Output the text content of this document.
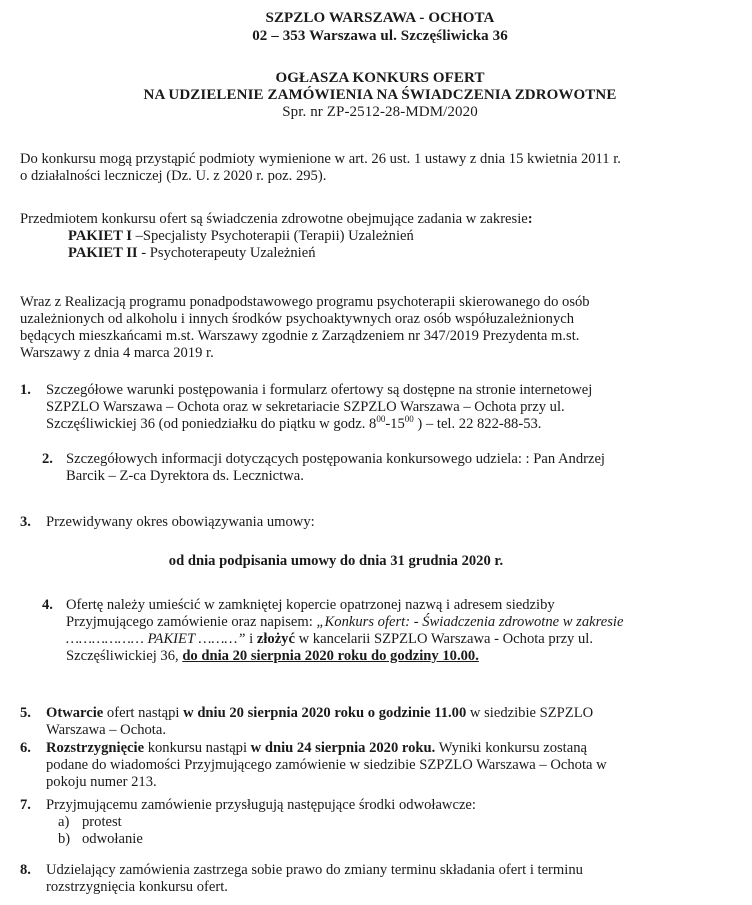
SZPZLO WARSZAWA - OCHOTA
02 – 353 Warszawa ul. Szczęśliwicka 36
OGŁASZA KONKURS OFERT
NA UDZIELENIE ZAMÓWIENIA NA ŚWIADCZENIA ZDROWOTNE
Spr. nr ZP-2512-28-MDM/2020
Do konkursu mogą przystąpić podmioty wymienione w art. 26 ust. 1 ustawy z dnia 15 kwietnia 2011 r.
o działalności leczniczej (Dz. U. z 2020 r. poz. 295).
Przedmiotem konkursu ofert są świadczenia zdrowotne obejmujące zadania w zakresie:
PAKIET I –Specjalisty Psychoterapii (Terapii) Uzależnień
PAKIET II - Psychoterapeuty Uzależnień
Wraz z Realizacją programu ponadpodstawowego programu psychoterapii skierowanego do osób
uzależnionych od alkoholu i innych środków psychoaktywnych oraz osób współuzależnionych
będących mieszkańcami m.st. Warszawy zgodnie z Zarządzeniem nr 347/2019 Prezydenta m.st.
Warszawy z dnia 4 marca 2019 r.
1. Szczegółowe warunki postępowania i formularz ofertowy są dostępne na stronie internetowej
SZPZLO Warszawa – Ochota oraz w sekretariacie SZPZLO Warszawa – Ochota przy ul.
Szczęśliwickiej 36 (od poniedziałku do piątku w godz. $8^{00}-15^{00}$ ) – tel. 22 822-88-53.
2. Szczegółowych informacji dotyczących postępowania konkursowego udziela: : Pan Andrzej
Barcik – Z-ca Dyrektora ds. Lecznictwa.
3. Przewidywany okres obowiązywania umowy:
od dnia podpisania umowy do dnia 31 grudnia 2020 r.
4. Ofertę należy umieścić w zamkniętej kopercie opatrzonej nazwą i adresem siedziby
Przyjmującego zamówienie oraz napisem: „Konkurs ofert: - Świadczenia zdrowotne w zakresie
……………… PAKIET ………” i złożyć w kancelarii SZPZLO Warszawa - Ochota przy ul.
Szczęśliwickiej 36, do dnia 20 sierpnia 2020 roku do godziny 10.00.
5. Otwarcie ofert nastąpi w dniu 20 sierpnia 2020 roku o godzinie 11.00 w siedzibie SZPZLO
Warszawa – Ochota.
6. Rozstrzygnięcie konkursu nastąpi w dniu 24 sierpnia 2020 roku. Wyniki konkursu zostaną
podane do wiadomości Przyjmującego zamówienie w siedzibie SZPZLO Warszawa – Ochota w
pokoju numer 213.
7. Przyjmującemu zamówienie przysługują następujące środki odwoławcze:
a) protest
b) odwołanie
8. Udzielający zamówienia zastrzega sobie prawo do zmiany terminu składania ofert i terminu
rozstrzygnięcia konkursu ofert.
